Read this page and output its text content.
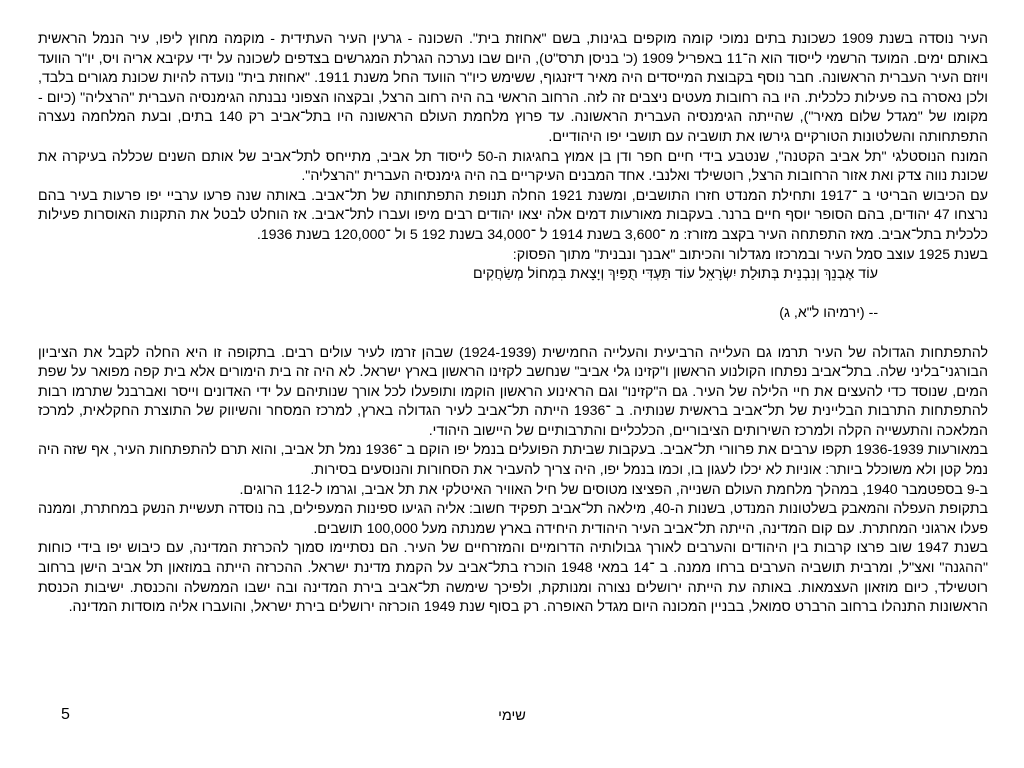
העיר נוסדה בשנת 1909 כשכונת בתים נמוכי קומה מוקפים בגינות, בשם "אחוזת בית". השכונה - גרעין העיר העתידית - מוקמה מחוץ ליפו, עיר הנמל הראשית באותם ימים. המועד הרשמי לייסוד הוא ה־11 באפריל 1909 (כ' בניסן תרס"ט), היום שבו נערכה הגרלת המגרשים בצדפים לשכונה על ידי עקיבא אריה ויס, יו"ר הוועד ויוזם העיר העברית הראשונה. חבר נוסף בקבוצת המייסדים היה מאיר דיזנגוף, ששימש כיו"ר הוועד החל משנת 1911. "אחוזת בית" נועדה להיות שכונת מגורים בלבד, ולכן נאסרה בה פעילות כלכלית. היו בה רחובות מעטים ניצבים זה לזה. הרחוב הראשי בה היה רחוב הרצל, ובקצהו הצפוני נבנתה הגימנסיה העברית "הרצליה" (כיום - מקומו של "מגדל שלום מאיר"), שהייתה הגימנסיה העברית הראשונה. עד פרוץ מלחמת העולם הראשונה היו בתל־אביב רק 140 בתים, ובעת המלחמה נעצרה התפתחותה והשלטונות הטורקיים גירשו את תושביה עם תושבי יפו היהודיים.

המונח הנוסטלגי "תל אביב הקטנה", שנטבע בידי חיים חפר ודן בן אמוץ בחגיגות ה-50 לייסוד תל אביב, מתייחס לתל־אביב של אותם השנים שכללה בעיקרה את שכונת נווה צדק ואת אזור הרחובות הרצל, רוטשילד ואלנבי. אחד המבנים העיקריים בה היה גימנסיה העברית "הרצליה".

עם הכיבוש הבריטי ב ־1917 ותחילת המנדט חזרו התושבים, ומשנת 1921 החלה תנופת התפתחותה של תל־אביב. באותה שנה פרעו ערביי יפו פרעות בעיר בהם נרצחו 47 יהודים, בהם הסופר יוסף חיים ברנר. בעקבות מאורעות דמים אלה יצאו יהודים רבים מיפו ועברו לתל־אביב. אז הוחלט לבטל את התקנות האוסרות פעילות כלכלית בתל־אביב. מאז התפתחה העיר בקצב מזורז: מ ־3,600 בשנת 1914 ל ־34,000 בשנת 192 5 ול ־120,000 בשנת 1936.

בשנת 1925 עוצב סמל העיר ובמרכזו מגדלור והכיתוב "אבנך ונבנית" מתוך הפסוק:

עוֹד אֶבְנֵךְ וְנִבְנֵית בְּתוּלַת יִשְׂרָאֵל עוֹד תַּעְדִּי תֻפַּיִךְ וְיָצָאת בִּמְחוֹל מְשַׂחֲקִים

-- (ירמיהו ל"א, ג)

להתפתחות הגדולה של העיר תרמו גם העלייה הרביעית והעלייה החמישית (1924-1939) שבהן זרמו לעיר עולים רבים. בתקופה זו היא החלה לקבל את הציביון הבורגני־בליני שלה. בתל־אביב נפתחו הקולנוע הראשון ו"קזינו גלי אביב" שנחשב לקזינו הראשון בארץ ישראל. לא היה זה בית הימורים אלא בית קפה מפואר על שפת המים, שנוסד כדי להעצים את חיי הלילה של העיר. גם ה"קזינו" וגם הראינוע הראשון הוקמו ותופעלו לכל אורך שנותיהם על ידי האדונים וייסר ואברבנל שתרמו רבות להתפתחות התרבות הבליינית של תל־אביב בראשית שנותיה. ב ־1936 הייתה תל־אביב לעיר הגדולה בארץ, למרכז המסחר והשיווק של התוצרת החקלאית, למרכז המלאכה והתעשייה הקלה ולמרכז השירותים הציבוריים, הכלכליים והתרבותיים של היישוב היהודי.

במאורעות 1936-1939 תקפו ערבים את פרוורי תל־אביב. בעקבות שביתת הפועלים בנמל יפו הוקם ב ־1936 נמל תל אביב, והוא תרם להתפתחות העיר, אף שזה היה נמל קטן ולא משוכלל ביותר: אוניות לא יכלו לעגון בו, וכמו בנמל יפו, היה צריך להעביר את הסחורות והנוסעים בסירות.

ב-9 בספטמבר 1940, במהלך מלחמת העולם השנייה, הפציצו מטוסים של חיל האוויר האיטלקי את תל אביב, וגרמו ל-112 הרוגים.

בתקופת העפלה והמאבק בשלטונות המנדט, בשנות ה-40, מילאה תל־אביב תפקיד חשוב: אליה הגיעו ספינות המעפילים, בה נוסדה תעשיית הנשק במחתרת, וממנה פעלו ארגוני המחתרת. עם קום המדינה, הייתה תל־אביב העיר היהודית היחידה בארץ שמנתה מעל 100,000 תושבים.

בשנת 1947 שוב פרצו קרבות בין היהודים והערבים לאורך גבולותיה הדרומיים והמזרחיים של העיר. הם נסתיימו סמוך להכרזת המדינה, עם כיבוש יפו בידי כוחות "ההגנה" ואצ"ל, ומרבית תושביה הערבים ברחו ממנה. ב ־14 במאי 1948 הוכרז בתל־אביב על הקמת מדינת ישראל. ההכרזה הייתה במוזאון תל אביב הישן ברחוב רוטשילד, כיום מוזאון העצמאות. באותה עת הייתה ירושלים נצורה ומנותקת, ולפיכך שימשה תל־אביב בירת המדינה ובה ישבו הממשלה והכנסת. ישיבות הכנסת הראשונות התנהלו ברחוב הרברט סמואל, בבניין המכונה היום מגדל האופרה. רק בסוף שנת 1949 הוכרזה ירושלים בירת ישראל, והועברו אליה מוסדות המדינה.

שימי
5
